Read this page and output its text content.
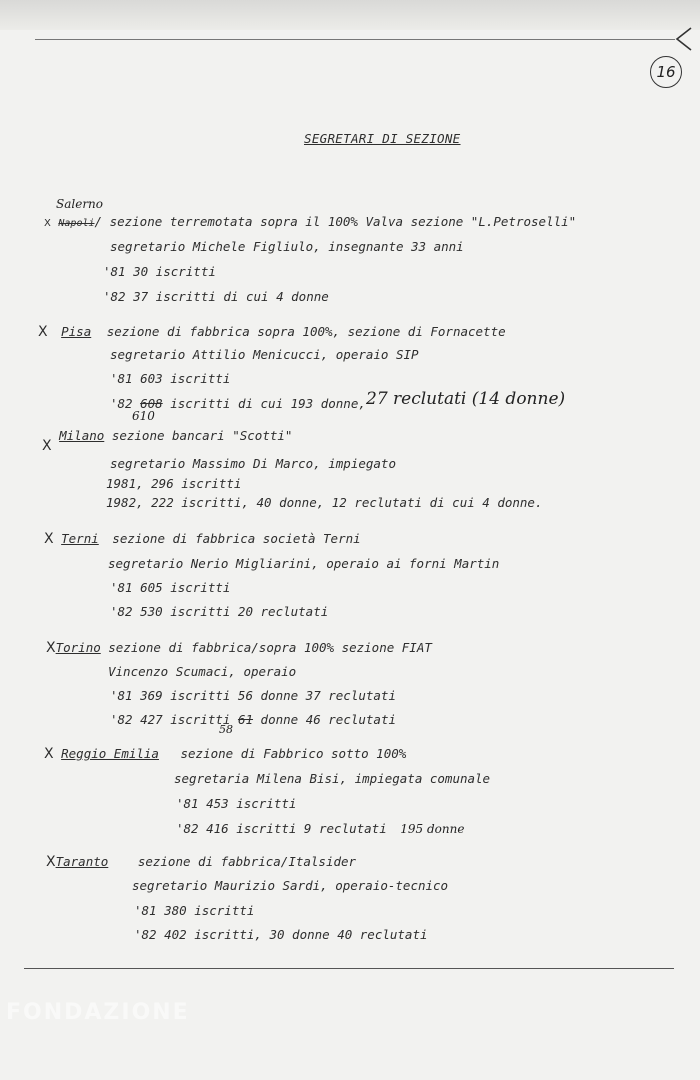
16
SEGRETARI DI SEZIONE
Salerno
X Napoli/ sezione terremotata sopra il 100% Valva sezione "L.Petroselli"
segretario Michele Figliulo, insegnante 33 anni
'81 30 iscritti
'82 37 iscritti di cui 4 donne
X Pisa sezione di fabbrica sopra 100%, sezione di Fornacette
segretario Attilio Menicucci, operaio SIP
'81 603 iscritti
'82 608 iscritti di cui 193 donne,
610
27 reclutati (14 donne)
X Milano sezione bancari "Scotti"
segretario Massimo Di Marco, impiegato
1981, 296 iscritti
1982, 222 iscritti, 40 donne, 12 reclutati di cui 4 donne.
X Terni sezione di fabbrica società Terni
segretario Nerio Migliarini, operaio ai forni Martin
'81 605 iscritti
'82 530 iscritti 20 reclutati
XTorino sezione di fabbrica/sopra 100% sezione FIAT
Vincenzo Scumaci, operaio
'81 369 iscritti 56 donne 37 reclutati
'82 427 iscritti 61 donne 46 reclutati
58
X Reggio Emilia sezione di Fabbrico sotto 100%
segretaria Milena Bisi, impiegata comunale
'81 453 iscritti
'82 416 iscritti 9 reclutati 195 donne
XTaranto sezione di fabbrica/Italsider
segretario Maurizio Sardi, operaio-tecnico
'81 380 iscritti
'82 402 iscritti, 30 donne 40 reclutati
FONDAZIONE
